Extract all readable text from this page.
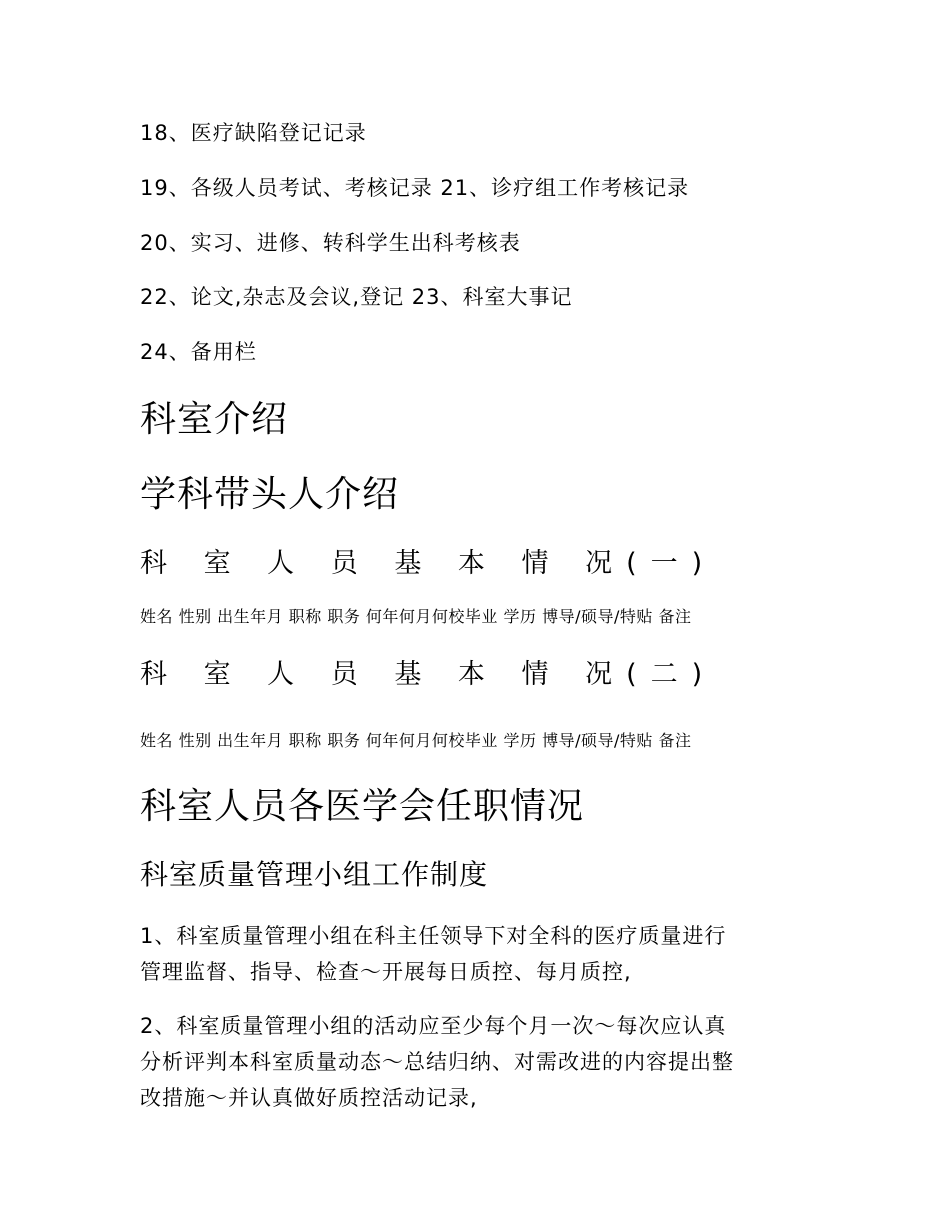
18、医疗缺陷登记记录
19、各级人员考试、考核记录 21、诊疗组工作考核记录
20、实习、进修、转科学生出科考核表
22、论文,杂志及会议,登记 23、科室大事记
24、备用栏
科室介绍
学科带头人介绍
科 室 人 员 基 本 情 况(一)
姓名 性别 出生年月 职称 职务 何年何月何校毕业 学历 博导/硕导/特贴 备注
科 室 人 员 基 本 情 况(二)
姓名 性别 出生年月 职称 职务 何年何月何校毕业 学历 博导/硕导/特贴 备注
科室人员各医学会任职情况
科室质量管理小组工作制度
1、科室质量管理小组在科主任领导下对全科的医疗质量进行
管理监督、指导、检查～开展每日质控、每月质控,
2、科室质量管理小组的活动应至少每个月一次～每次应认真
分析评判本科室质量动态～总结归纳、对需改进的内容提出整
改措施～并认真做好质控活动记录,
